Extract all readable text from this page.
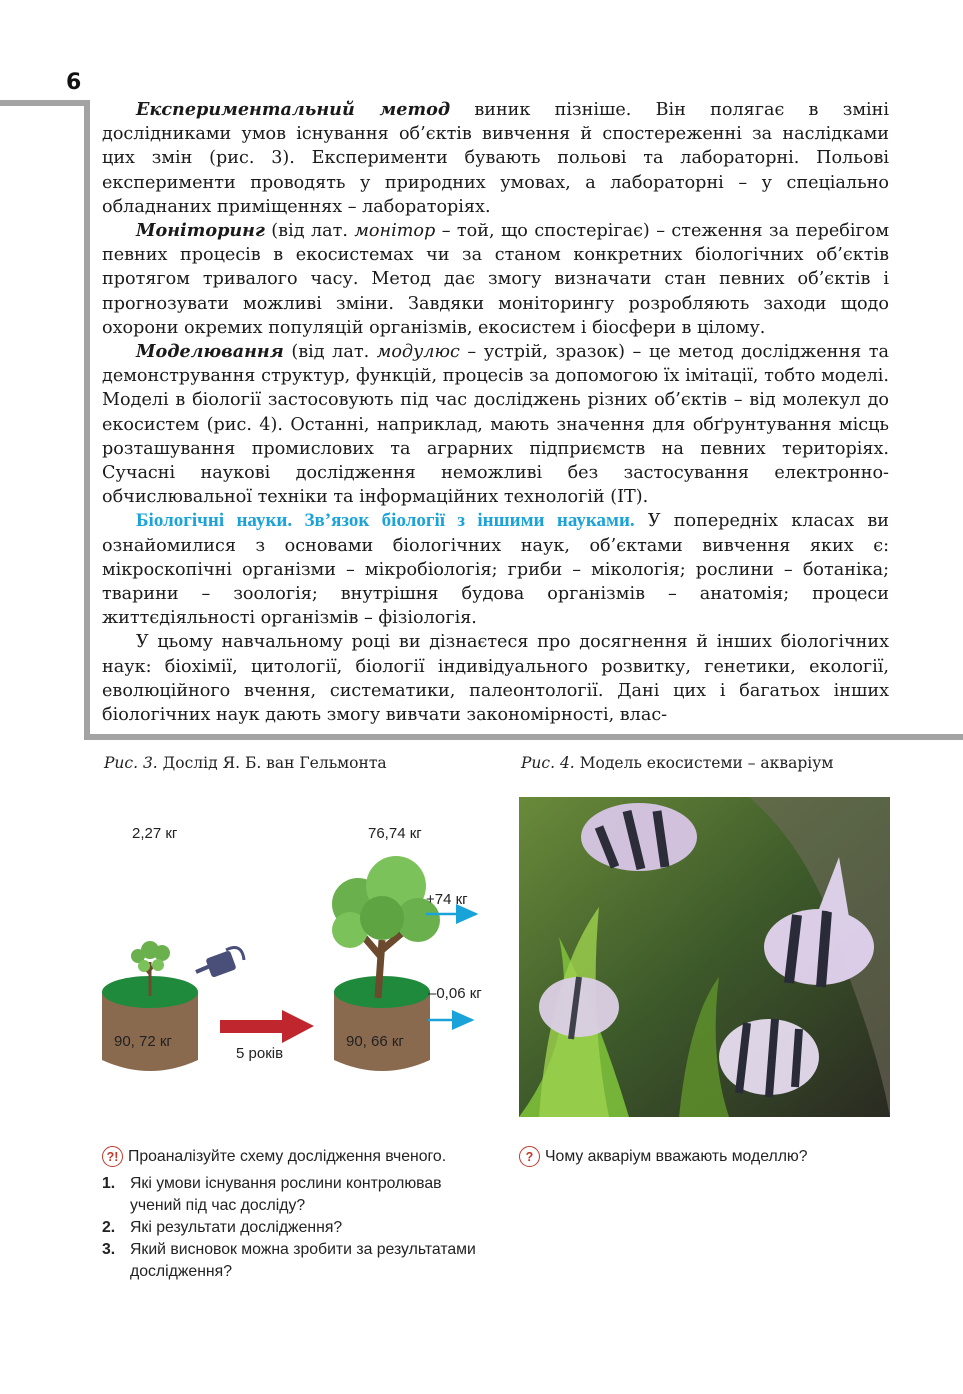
6

Експериментальний метод виник пізніше. Він полягає в зміні дослідниками умов існування об’єктів вивчення й спостереженні за наслідками цих змін (рис. 3). Експерименти бувають польові та лабораторні. Польові експерименти проводять у природних умовах, а лабораторні – у спеціально обладнаних приміщеннях – лабораторіях.

Моніторинг (від лат. монітор – той, що спостерігає) – стеження за перебігом певних процесів в екосистемах чи за станом конкретних біологічних об’єктів протягом тривалого часу. Метод дає змогу визначати стан певних об’єктів і прогнозувати можливі зміни. Завдяки моніторингу розробляють заходи щодо охорони окремих популяцій організмів, екосистем і біосфери в цілому.

Моделювання (від лат. модулюс – устрій, зразок) – це метод дослідження та демонстрування структур, функцій, процесів за допомогою їх імітації, тобто моделі. Моделі в біології застосовують під час досліджень різних об’єктів – від молекул до екосистем (рис. 4). Останні, наприклад, мають значення для обґрунтування місць розташування промислових та аграрних підприємств на певних територіях. Сучасні наукові дослідження неможливі без застосування електронно-обчислювальної техніки та інформаційних технологій (ІТ).

Біологічні науки. Зв’язок біології з іншими науками. У попередніх класах ви ознайомилися з основами біологічних наук, об’єктами вивчення яких є: мікроскопічні організми – мікробіологія; гриби – мікологія; рослини – ботаніка; тварини – зоологія; внутрішня будова організмів – анатомія; процеси життєдіяльності організмів – фізіологія.

У цьому навчальному році ви дізнаєтеся про досягнення й інших біологічних наук: біохімії, цитології, біології індивідуального розвитку, генетики, екології, еволюційного вчення, систематики, палеонтології. Дані цих і багатьох інших біологічних наук дають змогу вивчати закономірності, влас-

Рис. 3. Дослід Я. Б. ван Гельмонта	Рис. 4. Модель екосистеми – акваріум
2,27 кг	76,74 кг
90, 72 кг
5 років
90, 66 кг
+74 кг
–0,06 кг
?! Проаналізуйте схему дослідження вченого.
1. Які умови існування рослини контролював учений під час досліду?
2. Які результати дослідження?
3. Який висновок можна зробити за результатами дослідження?
? Чому акваріум вважають моделлю?
